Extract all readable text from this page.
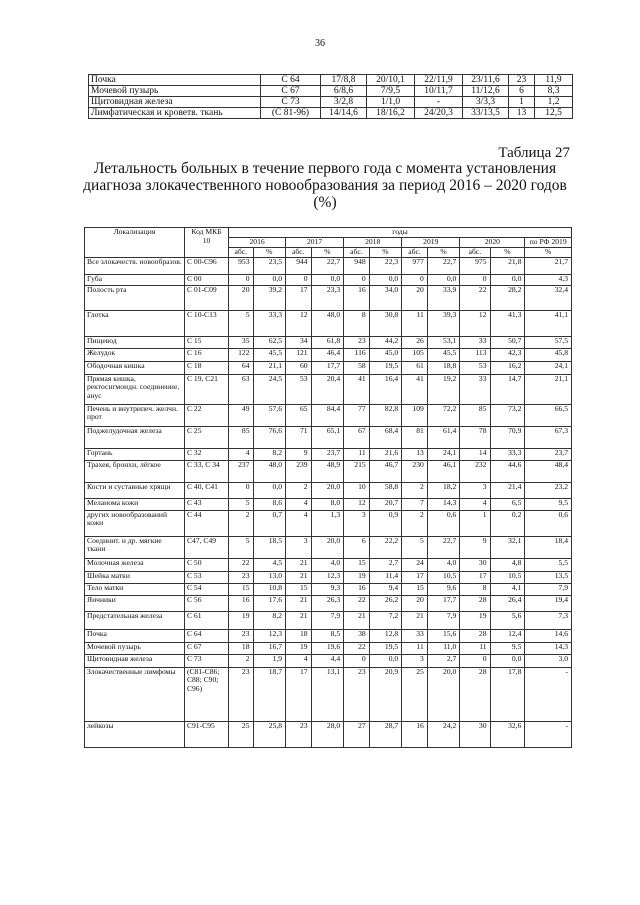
36
Почка	С 64	17/8,8	20/10,1	22/11,9	23/11,6	23	11,9
Мочевой пузырь	С 67	6/8,6	7/9,5	10/11,7	11/12,6	6	8,3
Щитовидная железа	С 73	3/2,8	1/1,0	-	3/3,3	1	1,2
Лимфатическая и кроветв. ткань	(С 81-96)	14/14,6	18/16,2	24/20,3	33/13,5	13	12,5
Таблица 27
Летальность больных в течение первого года с момента установления диагноза злокачественного новообразования за период 2016 – 2020 годов (%)
Локализация	Код МКБ 10	годы										
		2016		2017		2018		2019		2020		по РФ 2019
		абс.	%	абс.	%	абс.	%	абс.	%	абс.	%	%
Все злокачеств. новообразов.	С 00-С96	953	23,5	944	22,7	948	22,3	977	22,7	975	21,8	21,7
Губа	С 00	0	0,0	0	0,0	0	0,0	0	0,0	0	0,0	4,3
Полость рта	С 01-С09	20	39,2	17	23,3	16	34,0	20	33,9	22	28,2	32,4
Глотка	С 10-С13	5	33,3	12	48,0	8	30,8	11	39,3	12	41,3	41,1
Пищевод	С 15	35	62,5	34	61,8	23	44,2	26	53,1	33	50,7	57,5
Желудок	С 16	122	45,5	121	46,4	116	45,0	105	45,5	113	42,3	45,8
Ободочная кишка	С 18	64	21,1	60	17,7	58	19,5	61	18,8	53	16,2	24,1
Прямая кишка, ректосигмоидн. соединение, анус	С 19, С21	63	24,5	53	20,4	41	16,4	41	19,2	33	14,7	21,1
Печень и внутрипеч. желчн. прот	С 22	49	57,6	65	84,4	77	82,8	109	72,2	85	73,2	66,5
Поджелудочная железа	С 25	85	76,6	71	65,1	67	68,4	81	61,4	78	70,9	67,3
Гортань	С 32	4	8,2	9	23,7	11	21,6	13	24,1	14	33,3	23,7
Трахея, бронхи, лёгкое	С 33, С 34	237	48,0	239	48,9	215	46,7	230	46,1	232	44,6	48,4
Кости и суставные хрящи	С 40, С41	0	0,0	2	20,0	10	58,8	2	18,2	3	21,4	23,2
Меланома кожи	С 43	5	8,6	4	8,0	12	20,7	7	14,3	4	6,5	9,5
других новообразований кожи	С 44	2	0,7	4	1,3	3	0,9	2	0,6	1	0,2	0,6
Соединит. и др. мягкие ткани	С47, С49	5	18,5	3	20,0	6	22,2	5	22,7	9	32,1	18,4
Молочная железа	С 50	22	4,5	21	4,0	15	2,7	24	4,0	30	4,8	5,5
Шейка матки	С 53	23	13,0	21	12,3	19	11,4	17	10,5	17	10,5	13,5
Тело матки	С 54	15	10,8	15	9,3	16	9,4	15	9,6	8	4,1	7,9
Яичники	С 56	16	17,6	21	26,3	22	26,2	20	17,7	28	26,4	19,4
Предстательная железа	С 61	19	8,2	21	7,9	21	7,2	21	7,9	19	5,6	7,3
Почка	С 64	23	12,3	18	8,5	38	12,8	33	15,6	28	12,4	14,6
Мочевой пузырь	С 67	18	16,7	19	19,6	22	19,5	11	11,0	11	9,5	14,3
Щитовидная железа	С 73	2	1,9	4	4,4	0	0,0	3	2,7	0	0,0	3,0
Злокачественные лимфомы	(С81-С86; С88; С90; С96)	23	18,7	17	13,1	23	20,9	25	20,0	28	17,8	-
лейкозы	С91-С95	25	25,8	23	28,0	27	28,7	16	24,2	30	32,6	-
